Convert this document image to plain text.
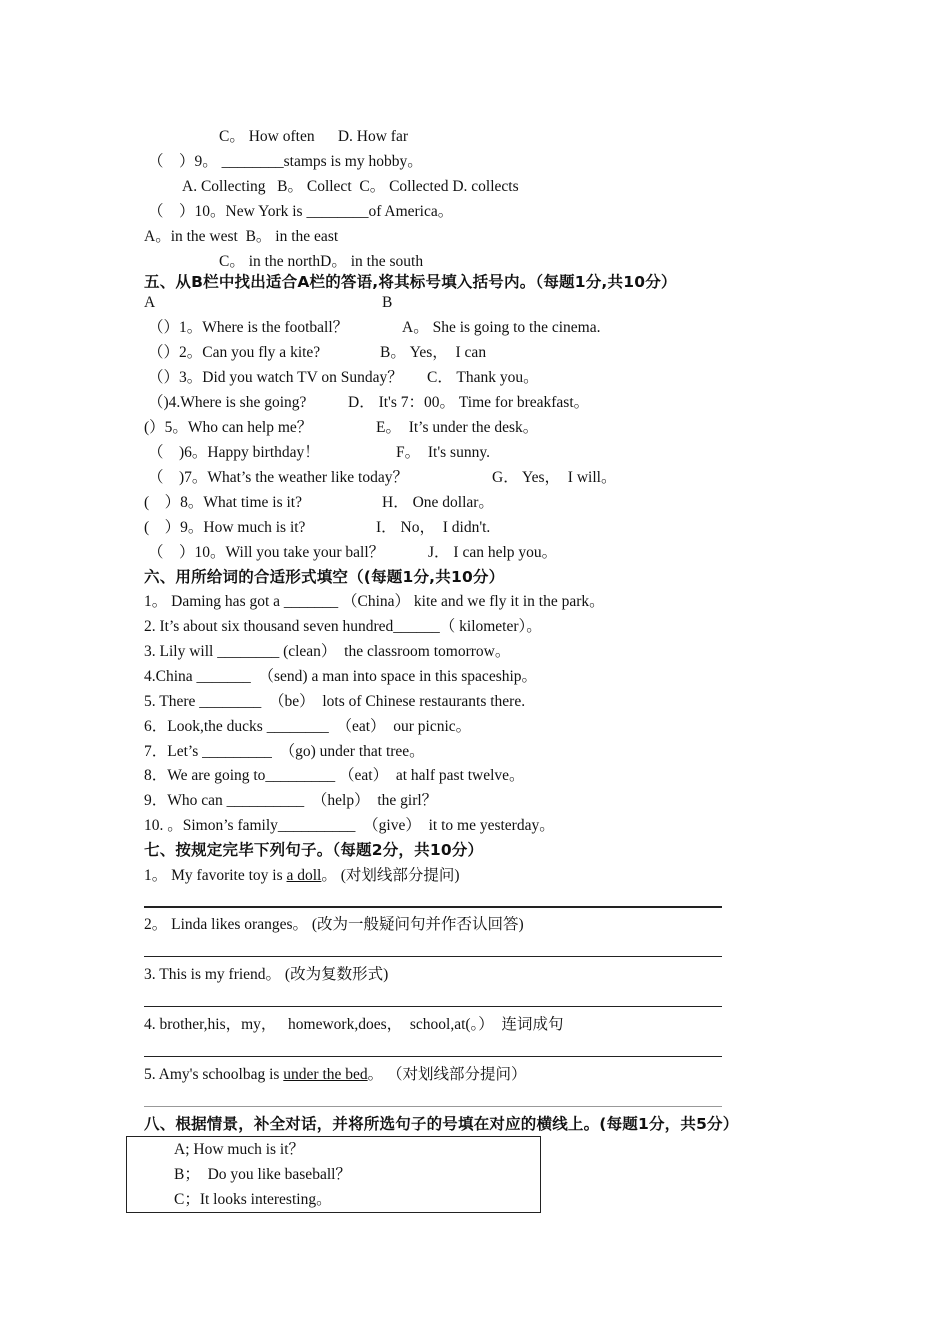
C。 How often      D. How far
（    ）9。 ________stamps is my hobby。
A. Collecting   B。 Collect  C。 Collected D. collects
（    ）10。New York is ________of America。
A。in the west  B。 in the east
C。 in the northD。 in the south
五、从B栏中找出适合A栏的答语,将其标号填入括号内。（每题1分,共10分）
A	B
（）1。Where is the football？	A。 She is going to the cinema.
（）2。Can you fly a kite?	B。 Yes，  I can
（）3。Did you watch TV on Sunday？ C． Thank you。
（)4.Where is she going?	D． It's 7：00。 Time for breakfast。
(）5。Who can help me？	E。  It’s under the desk。
（    )6。Happy birthday！	F。  It's sunny.
（    )7。What’s the weather like today？	G． Yes，  I will。
(    ）8。What time is it?	H． One dollar。
(    ）9。How much is it?	I． No，  I didn't.
（    ）10。Will you take your ball？	J． I can help you。
六、用所给词的合适形式填空（(每题1分,共10分）
1。 Daming has got a _______ （China） kite and we fly it in the park。
2. It’s about six thousand seven hundred______（ kilometer）。
3. Lily will ________ (clean）  the classroom tomorrow。
4.China _______  （send) a man into space in this spaceship。
5. There ________  （be）  lots of Chinese restaurants there.
6．Look,the ducks ________  （eat）  our picnic。
7．Let’s _________  （go) under that tree。
8．We are going to_________ （eat）  at half past twelve。
9．Who can __________  （help）  the girl？
10. 。Simon’s family__________  （give）  it to me yesterday。
七、按规定完毕下列句子。（每题2分，共10分）
1。 My favorite toy is a doll。 (对划线部分提问)
2。 Linda likes oranges。 (改为一般疑问句并作否认回答)
3. This is my friend。 (改为复数形式)
4. brother,his，my，   homework,does，  school,at(。）  连词成句
5. Amy's schoolbag is under the bed。 （对划线部分提问）
八、根据情景，补全对话，并将所选句子的号填在对应的横线上。(每题1分，共5分）
A; How much is it？
B；  Do you like baseball？
C；It looks interesting。
